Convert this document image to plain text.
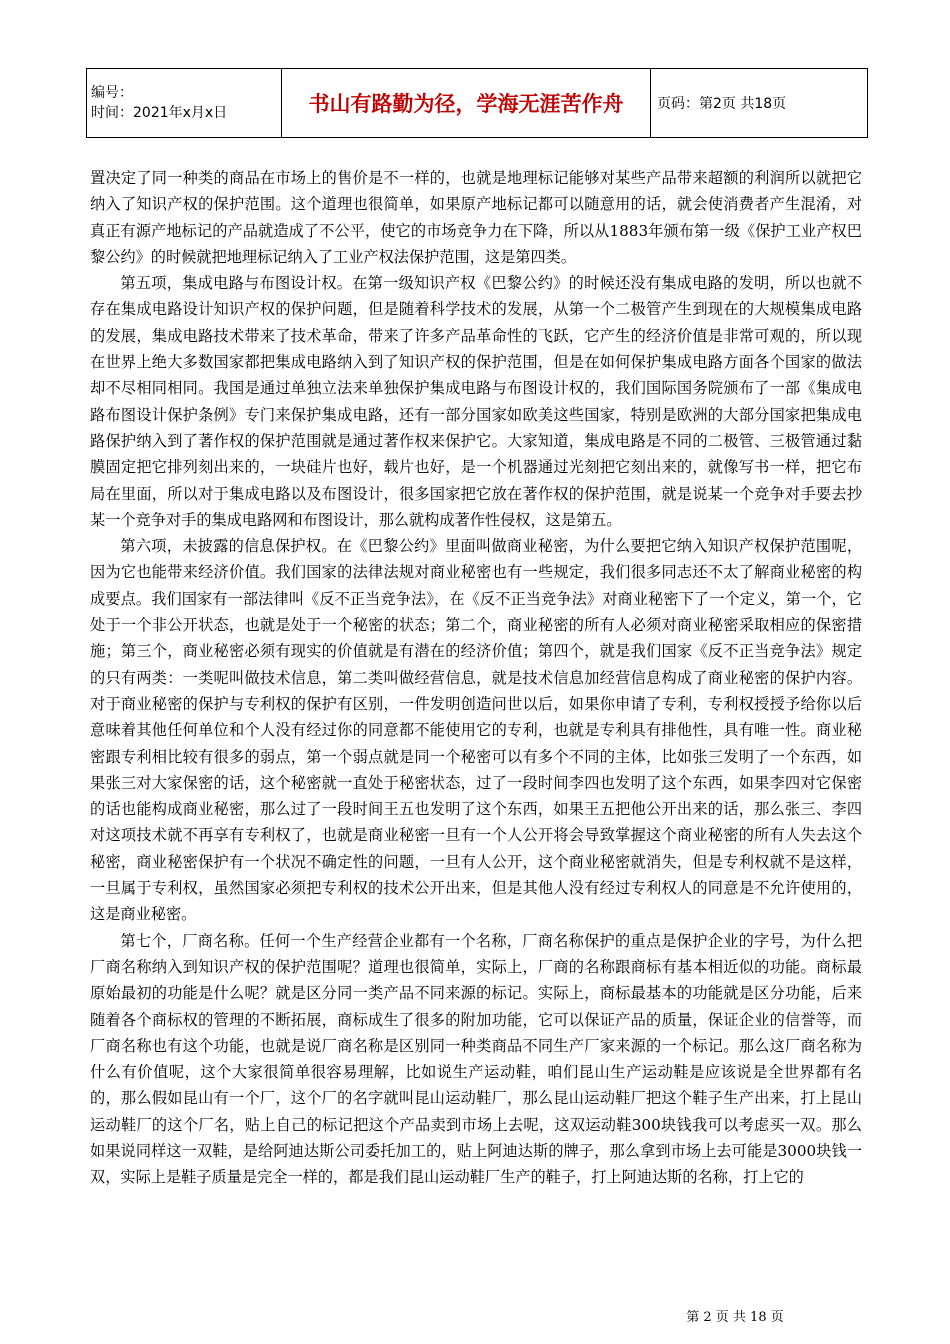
编号：
时间：2021年x月x日	书山有路勤为径，学海无涯苦作舟	页码：第2页 共18页

置决定了同一种类的商品在市场上的售价是不一样的，也就是地理标记能够对某些产品带来超额的利润所以就把它纳入了知识产权的保护范围。这个道理也很简单，如果原产地标记都可以随意用的话，就会使消费者产生混淆，对真正有源产地标记的产品就造成了不公平，使它的市场竞争力在下降，所以从1883年颁布第一级《保护工业产权巴黎公约》的时候就把地理标记纳入了工业产权法保护范围，这是第四类。

第五项，集成电路与布图设计权。在第一级知识产权《巴黎公约》的时候还没有集成电路的发明，所以也就不存在集成电路设计知识产权的保护问题，但是随着科学技术的发展，从第一个二极管产生到现在的大规模集成电路的发展，集成电路技术带来了技术革命，带来了许多产品革命性的飞跃，它产生的经济价值是非常可观的，所以现在世界上绝大多数国家都把集成电路纳入到了知识产权的保护范围，但是在如何保护集成电路方面各个国家的做法却不尽相同相同。我国是通过单独立法来单独保护集成电路与布图设计权的，我们国际国务院颁布了一部《集成电路布图设计保护条例》专门来保护集成电路，还有一部分国家如欧美这些国家，特别是欧洲的大部分国家把集成电路保护纳入到了著作权的保护范围就是通过著作权来保护它。大家知道，集成电路是不同的二极管、三极管通过黏膜固定把它排列刻出来的，一块硅片也好，载片也好，是一个机器通过光刻把它刻出来的，就像写书一样，把它布局在里面，所以对于集成电路以及布图设计，很多国家把它放在著作权的保护范围，就是说某一个竞争对手要去抄某一个竞争对手的集成电路网和布图设计，那么就构成著作性侵权，这是第五。

第六项，未披露的信息保护权。在《巴黎公约》里面叫做商业秘密，为什么要把它纳入知识产权保护范围呢，因为它也能带来经济价值。我们国家的法律法规对商业秘密也有一些规定，我们很多同志还不太了解商业秘密的构成要点。我们国家有一部法律叫《反不正当竞争法》，在《反不正当竞争法》对商业秘密下了一个定义，第一个，它处于一个非公开状态，也就是处于一个秘密的状态；第二个，商业秘密的所有人必须对商业秘密采取相应的保密措施；第三个，商业秘密必须有现实的价值就是有潜在的经济价值；第四个，就是我们国家《反不正当竞争法》规定的只有两类：一类呢叫做技术信息，第二类叫做经营信息，就是技术信息加经营信息构成了商业秘密的保护内容。对于商业秘密的保护与专利权的保护有区别，一件发明创造问世以后，如果你申请了专利，专利权授授予给你以后意味着其他任何单位和个人没有经过你的同意都不能使用它的专利，也就是专利具有排他性，具有唯一性。商业秘密跟专利相比较有很多的弱点，第一个弱点就是同一个秘密可以有多个不同的主体，比如张三发明了一个东西，如果张三对大家保密的话，这个秘密就一直处于秘密状态，过了一段时间李四也发明了这个东西，如果李四对它保密的话也能构成商业秘密，那么过了一段时间王五也发明了这个东西，如果王五把他公开出来的话，那么张三、李四对这项技术就不再享有专利权了，也就是商业秘密一旦有一个人公开将会导致掌握这个商业秘密的所有人失去这个秘密，商业秘密保护有一个状况不确定性的问题，一旦有人公开，这个商业秘密就消失，但是专利权就不是这样，一旦属于专利权，虽然国家必须把专利权的技术公开出来，但是其他人没有经过专利权人的同意是不允许使用的，这是商业秘密。

第七个，厂商名称。任何一个生产经营企业都有一个名称，厂商名称保护的重点是保护企业的字号，为什么把厂商名称纳入到知识产权的保护范围呢？道理也很简单，实际上，厂商的名称跟商标有基本相近似的功能。商标最原始最初的功能是什么呢？就是区分同一类产品不同来源的标记。实际上，商标最基本的功能就是区分功能，后来随着各个商标权的管理的不断拓展，商标成生了很多的附加功能，它可以保证产品的质量，保证企业的信誉等，而厂商名称也有这个功能，也就是说厂商名称是区别同一种类商品不同生产厂家来源的一个标记。那么这厂商名称为什么有价值呢，这个大家很简单很容易理解，比如说生产运动鞋，咱们昆山生产运动鞋是应该说是全世界都有名的，那么假如昆山有一个厂，这个厂的名字就叫昆山运动鞋厂，那么昆山运动鞋厂把这个鞋子生产出来，打上昆山运动鞋厂的这个厂名，贴上自己的标记把这个产品卖到市场上去呢，这双运动鞋300块钱我可以考虑买一双。那么如果说同样这一双鞋，是给阿迪达斯公司委托加工的，贴上阿迪达斯的牌子，那么拿到市场上去可能是3000块钱一双，实际上是鞋子质量是完全一样的，都是我们昆山运动鞋厂生产的鞋子，打上阿迪达斯的名称，打上它的

第 2 页 共 18 页
